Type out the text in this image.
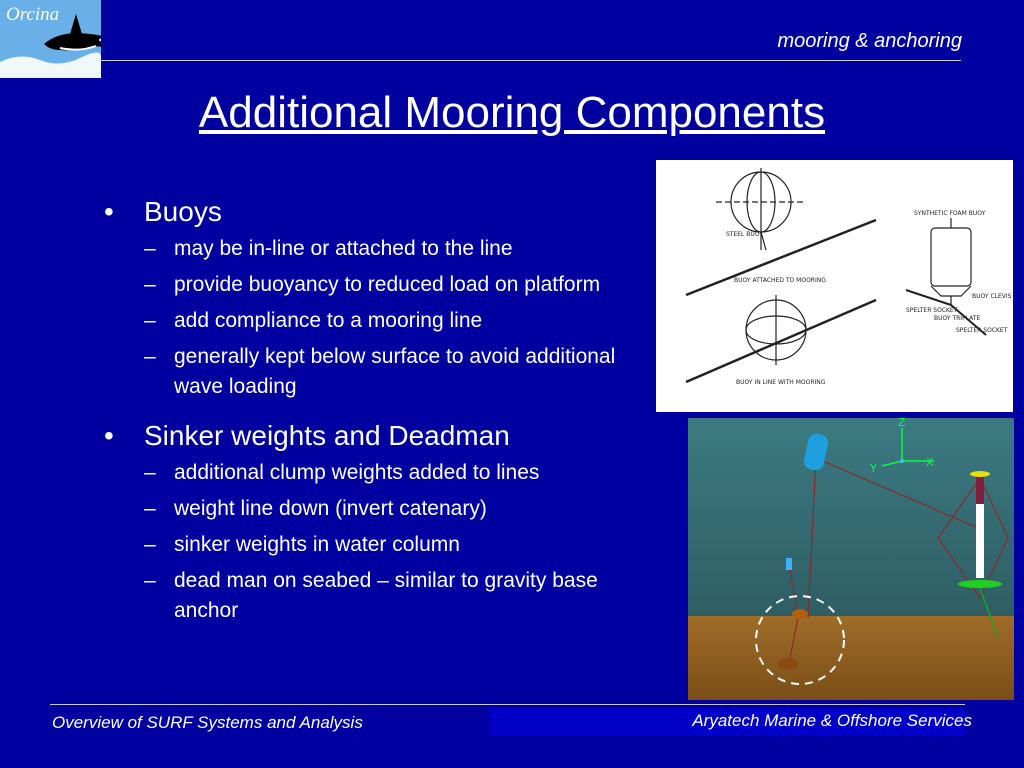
Orcina
mooring & anchoring
Additional Mooring Components

• Buoys

– may be in-line or attached to the line

– provide buoyancy to reduced load on platform

– add compliance to a mooring line

– generally kept below surface to avoid additional wave loading

• Sinker weights and Deadman

– additional clump weights added to lines

– weight line down (invert catenary)

– sinker weights in water column

– dead man on seabed – similar to gravity base anchor

STEEL BUOY
BUOY ATTACHED TO MOORING
BUOY IN LINE WITH MOORING
SYNTHETIC FOAM BUOY
SPELTER SOCKET
BUOY TRIPLATE
BUOY CLEVIS
SPELTER SOCKET
X
Y
Z
Overview of SURF Systems and Analysis	Aryatech Marine & Offshore Services
